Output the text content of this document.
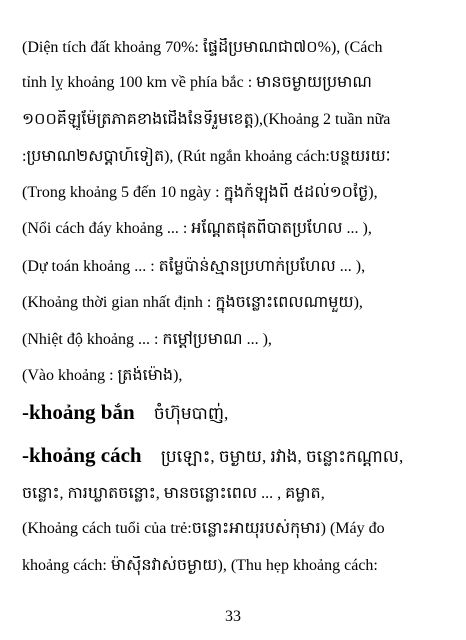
(Diện tích đất khoảng 70%: ផ្ទៃដីប្រមាណជា៧០%), (Cách
tỉnh lỵ khoảng 100 km về phía bắc : មានចម្ងាយប្រមាណ
១០០គីឡូម៉ែត្រភាគខាងជើងនៃទីរួមខេត្ត),(Khoảng 2 tuần nữa
:ប្រមាណ២សប្ដាហ៍ទៀត), (Rút ngắn khoảng cách:បន្ថយរយៈ
(Trong khoảng 5 đến 10 ngày : ក្នុងកំឡុងពី ៥ដល់១០ថ្ងៃ),
(Nổi cách đáy khoảng ... : អណ្ដែតផុតពីបាតប្រហែល ... ),
(Dự toán khoảng ... : តម្លៃប៉ាន់ស្មានប្រហាក់ប្រហែល ... ),
(Khoảng thời gian nhất định : ក្នុងចន្លោះពេលណាមួយ),
(Nhiệt độ khoảng ... : កម្ដៅប្រមាណ ... ),
(Vào khoảng : ត្រង់ម៉ោង),
-khoảng bắn ចំហ៊ុមបាញ់,
-khoảng cách ប្រឡោះ, ចម្ងាយ, រវាង, ចន្លោះកណ្ដាល,
ចន្លោះ, ការឃ្លាតចន្លោះ, មានចន្លោះពេល ... , គម្លាត,
(Khoảng cách tuổi của trẻ:ចន្លោះអាយុរបស់កុមារ) (Máy đo
khoảng cách: ម៉ាស៊ីនវាស់ចម្ងាយ), (Thu hẹp khoảng cách:
33
